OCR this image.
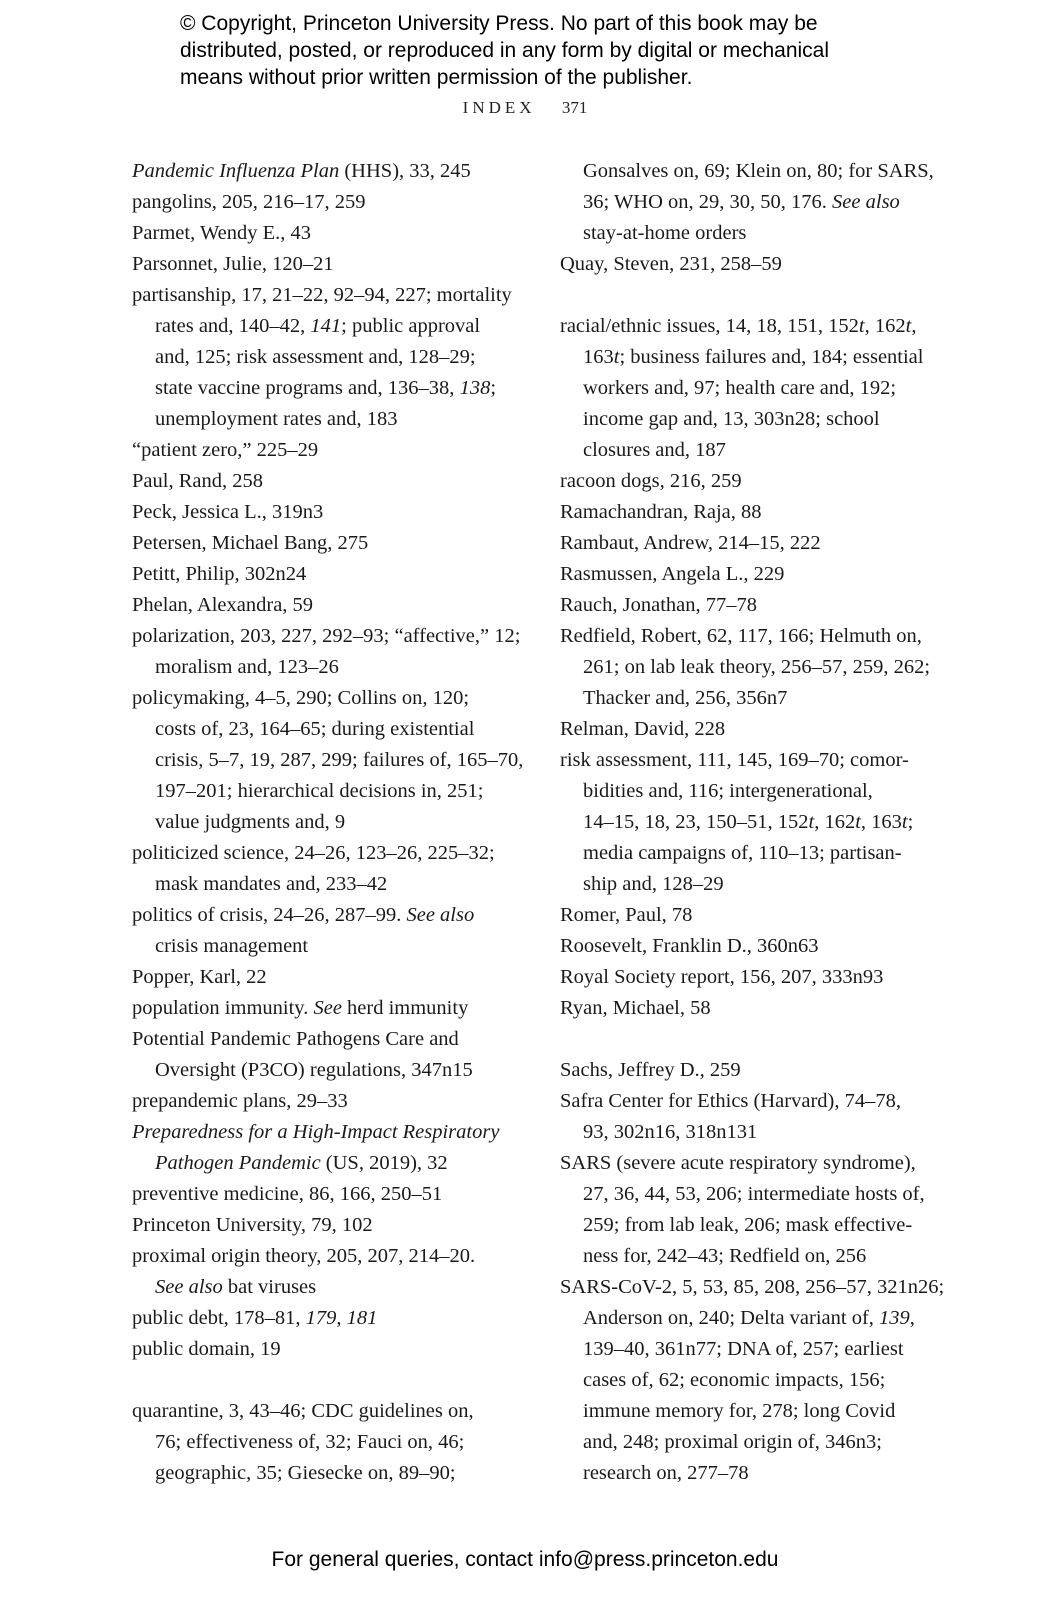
© Copyright, Princeton University Press. No part of this book may be
distributed, posted, or reproduced in any form by digital or mechanical
means without prior written permission of the publisher.
INDEX 371
Pandemic Influenza Plan (HHS), 33, 245
pangolins, 205, 216–17, 259
Parmet, Wendy E., 43
Parsonnet, Julie, 120–21
partisanship, 17, 21–22, 92–94, 227; mortality
rates and, 140–42, 141; public approval
and, 125; risk assessment and, 128–29;
state vaccine programs and, 136–38, 138;
unemployment rates and, 183
“patient zero,” 225–29
Paul, Rand, 258
Peck, Jessica L., 319n3
Petersen, Michael Bang, 275
Petitt, Philip, 302n24
Phelan, Alexandra, 59
polarization, 203, 227, 292–93; “affective,” 12;
moralism and, 123–26
policymaking, 4–5, 290; Collins on, 120;
costs of, 23, 164–65; during existential
crisis, 5–7, 19, 287, 299; failures of, 165–70,
197–201; hierarchical decisions in, 251;
value judgments and, 9
politicized science, 24–26, 123–26, 225–32;
mask mandates and, 233–42
politics of crisis, 24–26, 287–99. See also
crisis management
Popper, Karl, 22
population immunity. See herd immunity
Potential Pandemic Pathogens Care and
Oversight (P3CO) regulations, 347n15
prepandemic plans, 29–33
Preparedness for a High-Impact Respiratory
Pathogen Pandemic (US, 2019), 32
preventive medicine, 86, 166, 250–51
Princeton University, 79, 102
proximal origin theory, 205, 207, 214–20.
See also bat viruses
public debt, 178–81, 179, 181
public domain, 19
quarantine, 3, 43–46; CDC guidelines on,
76; effectiveness of, 32; Fauci on, 46;
geographic, 35; Giesecke on, 89–90;
Gonsalves on, 69; Klein on, 80; for SARS,
36; WHO on, 29, 30, 50, 176. See also
stay-at-home orders
Quay, Steven, 231, 258–59
racial/ethnic issues, 14, 18, 151, 152t, 162t,
163t; business failures and, 184; essential
workers and, 97; health care and, 192;
income gap and, 13, 303n28; school
closures and, 187
racoon dogs, 216, 259
Ramachandran, Raja, 88
Rambaut, Andrew, 214–15, 222
Rasmussen, Angela L., 229
Rauch, Jonathan, 77–78
Redfield, Robert, 62, 117, 166; Helmuth on,
261; on lab leak theory, 256–57, 259, 262;
Thacker and, 256, 356n7
Relman, David, 228
risk assessment, 111, 145, 169–70; comor-
bidities and, 116; intergenerational,
14–15, 18, 23, 150–51, 152t, 162t, 163t;
media campaigns of, 110–13; partisan-
ship and, 128–29
Romer, Paul, 78
Roosevelt, Franklin D., 360n63
Royal Society report, 156, 207, 333n93
Ryan, Michael, 58
Sachs, Jeffrey D., 259
Safra Center for Ethics (Harvard), 74–78,
93, 302n16, 318n131
SARS (severe acute respiratory syndrome),
27, 36, 44, 53, 206; intermediate hosts of,
259; from lab leak, 206; mask effective-
ness for, 242–43; Redfield on, 256
SARS-CoV-2, 5, 53, 85, 208, 256–57, 321n26;
Anderson on, 240; Delta variant of, 139,
139–40, 361n77; DNA of, 257; earliest
cases of, 62; economic impacts, 156;
immune memory for, 278; long Covid
and, 248; proximal origin of, 346n3;
research on, 277–78
For general queries, contact info@press.princeton.edu
